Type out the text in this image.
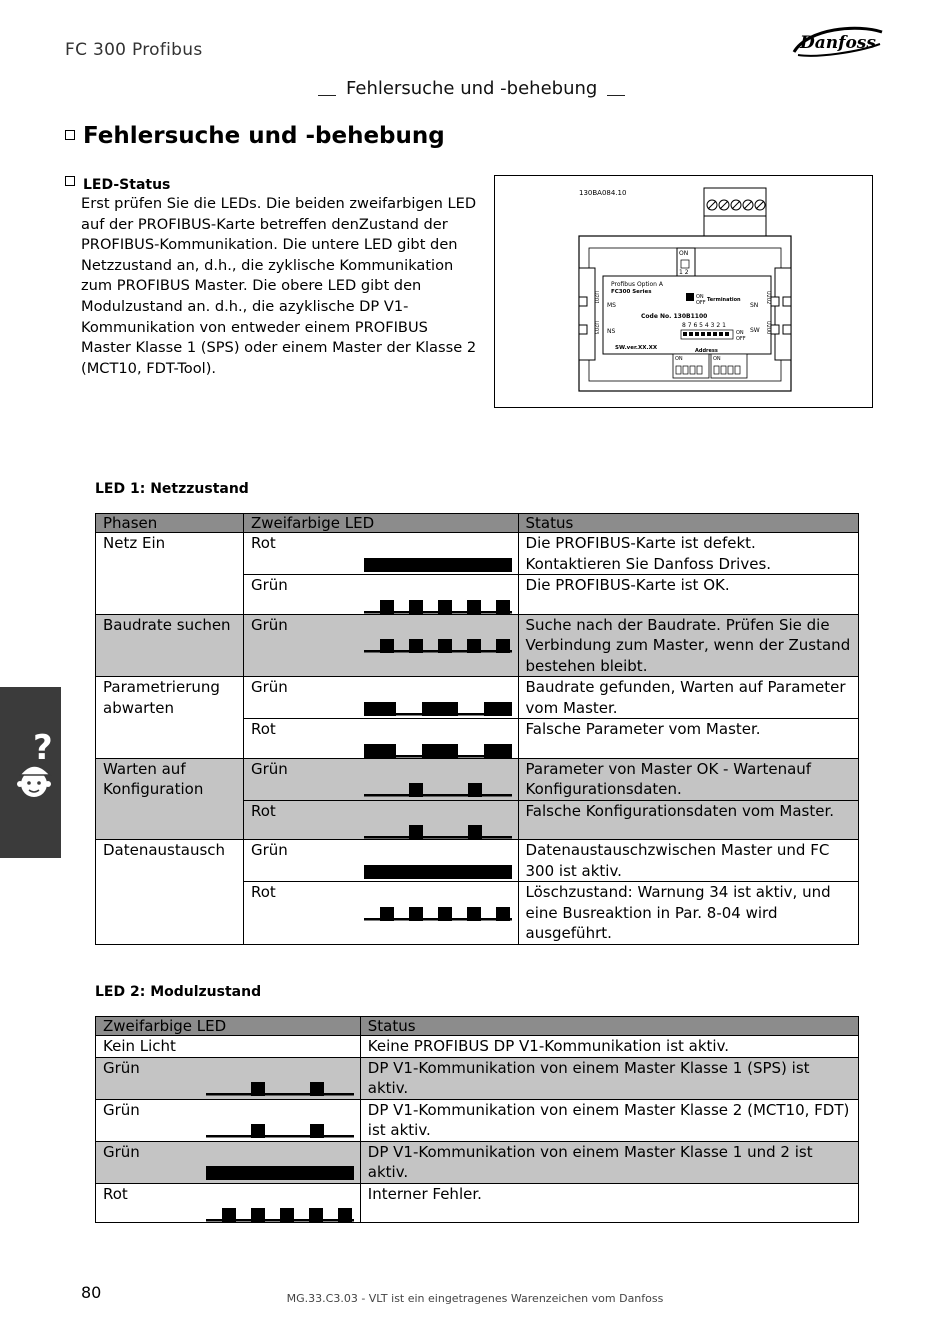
FC 300 Profibus	Danfoss
Fehlersuche und -behebung
Fehlersuche und -behebung
LED-Status
Erst prüfen Sie die LEDs. Die beiden zweifarbigen LED auf der PROFIBUS-Karte betreffen denZustand der PROFIBUS-Kommunikation. Die untere LED gibt den Netzzustand an, d.h., die zyklische Kommunikation zum PROFIBUS Master. Die obere LED gibt den Modulzustand an. d.h., die azyklische DP V1-Kommunikation von entweder einem PROFIBUS Master Klasse 1 (SPS) oder einem Master der Klasse 2 (MCT10, FDT-Tool).
130BA084.10
ON
1 2
Profibus Option A
FC300 Series
MS
NS
SN
SW
ON
OFF Termination
Code No. 130B1100
8 7 6 5 4 3 2 1
ON
OFF
SW.ver.XX.XX	Address
U201
U203
U202
U200
ON	ON
LED 1: Netzzustand
Phasen	Zweifarbige LED	Status
Netz Ein	Rot	Die PROFIBUS-Karte ist defekt. Kontaktieren Sie Danfoss Drives.
	Grün	Die PROFIBUS-Karte ist OK.
Baudrate suchen	Grün	Suche nach der Baudrate. Prüfen Sie die Verbindung zum Master, wenn der Zustand bestehen bleibt.
Parametrierung abwarten	Grün	Baudrate gefunden, Warten auf Parameter vom Master.
	Rot	Falsche Parameter vom Master.
Warten auf Konfiguration	Grün	Parameter von Master OK - Wartenauf Konfigurationsdaten.
	Rot	Falsche Konfigurationsdaten vom Master.
Datenaustausch	Grün	Datenaustauschzwischen Master und FC 300 ist aktiv.
	Rot	Löschzustand: Warnung 34 ist aktiv, und eine Busreaktion in Par. 8-04 wird ausgeführt.
LED 2: Modulzustand
Zweifarbige LED	Status
Kein Licht	Keine PROFIBUS DP V1-Kommunikation ist aktiv.
Grün	DP V1-Kommunikation von einem Master Klasse 1 (SPS) ist aktiv.
Grün	DP V1-Kommunikation von einem Master Klasse 2 (MCT10, FDT) ist aktiv.
Grün	DP V1-Kommunikation von einem Master Klasse 1 und 2 ist aktiv.
Rot	Interner Fehler.
?
80	MG.33.C3.03 - VLT ist ein eingetragenes Warenzeichen vom Danfoss
